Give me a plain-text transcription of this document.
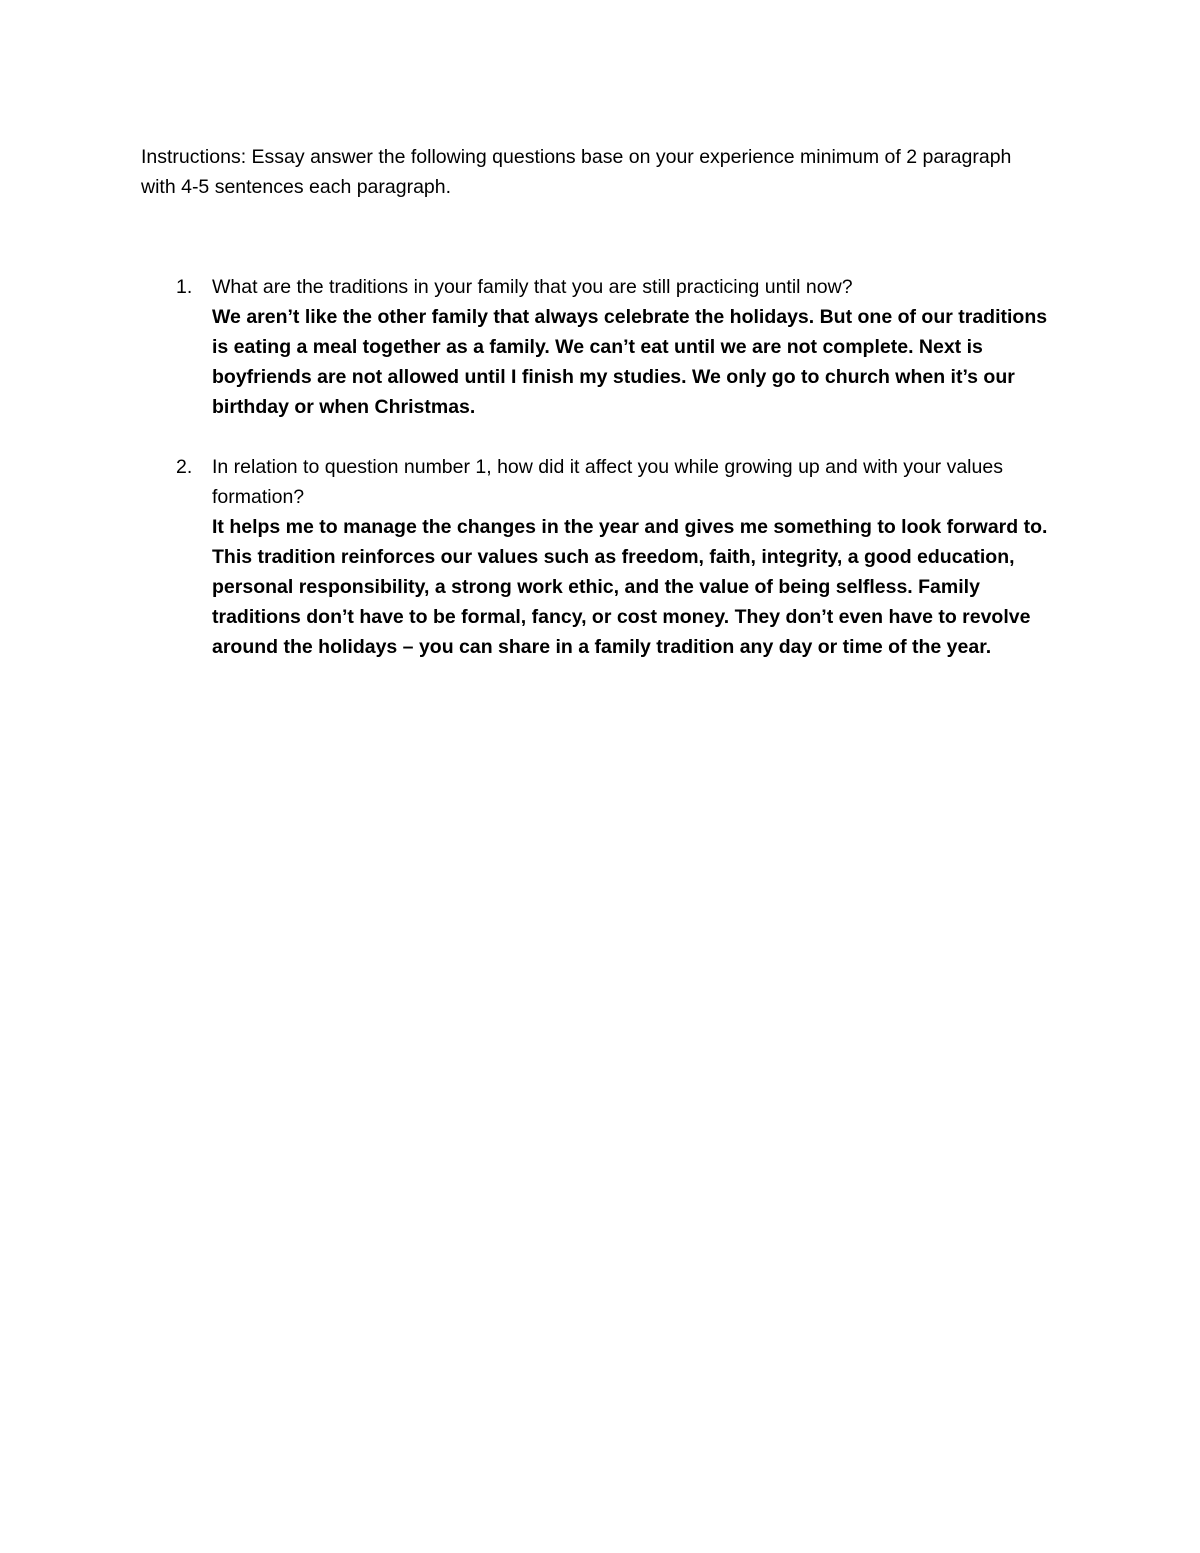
Instructions: Essay answer the following questions base on your experience minimum of 2 paragraph with 4-5 sentences each paragraph.

1. What are the traditions in your family that you are still practicing until now?

We aren’t like the other family that always celebrate the holidays. But one of our traditions is eating a meal together as a family. We can’t eat until we are not complete. Next is boyfriends are not allowed until I finish my studies. We only go to church when it’s our birthday or when Christmas.

2. In relation to question number 1, how did it affect you while growing up and with your values formation?

It helps me to manage the changes in the year and gives me something to look forward to. This tradition reinforces our values such as freedom, faith, integrity, a good education, personal responsibility, a strong work ethic, and the value of being selfless. Family traditions don’t have to be formal, fancy, or cost money. They don’t even have to revolve around the holidays – you can share in a family tradition any day or time of the year.
